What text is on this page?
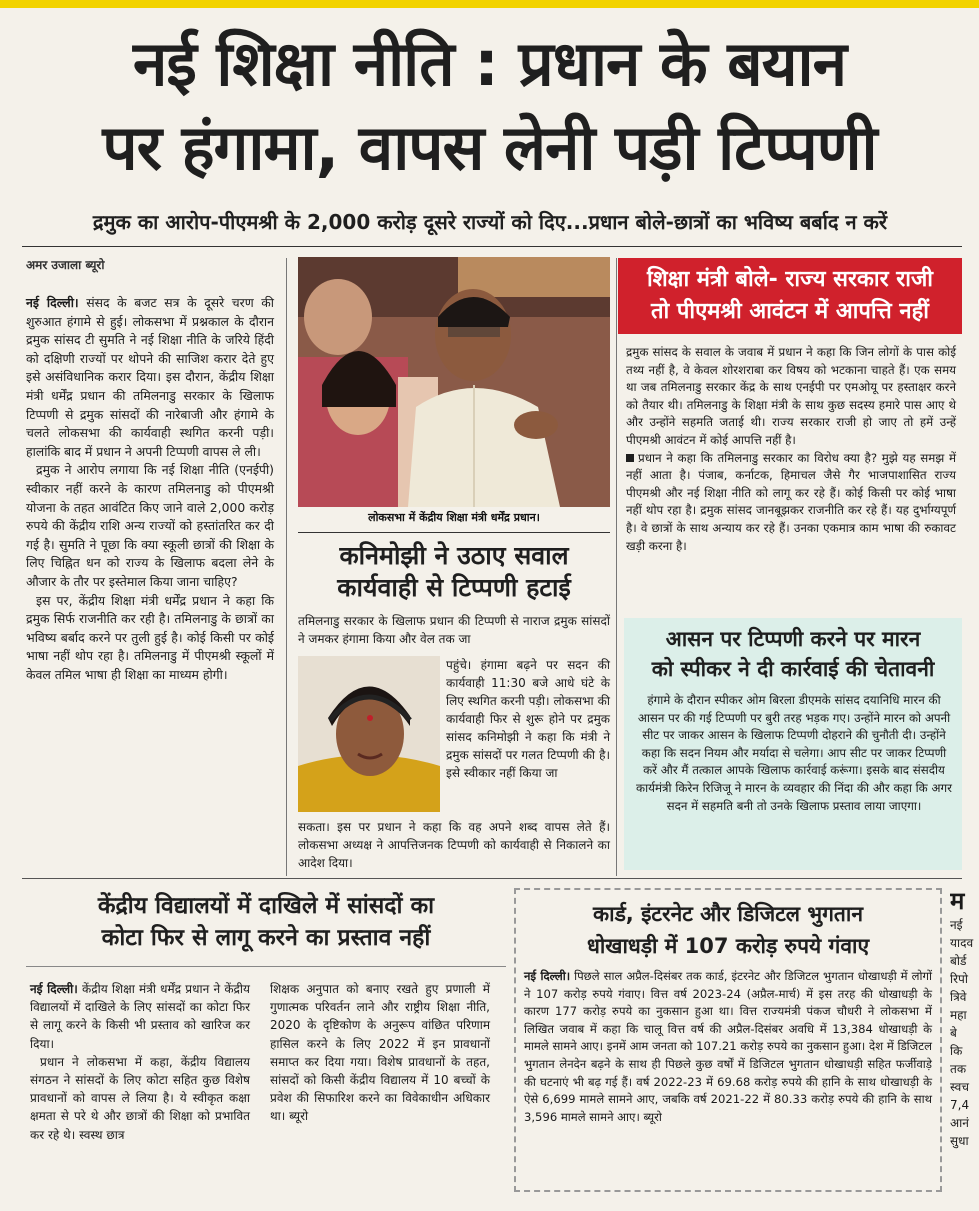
नई शिक्षा नीति : प्रधान के बयान
पर हंगामा, वापस लेनी पड़ी टिप्पणी
द्रमुक का आरोप-पीएमश्री के 2,000 करोड़ दूसरे राज्यों को दिए...प्रधान बोले-छात्रों का भविष्य बर्बाद न करें
अमर उजाला ब्यूरो

नई दिल्ली। संसद के बजट सत्र के दूसरे चरण की शुरुआत हंगामे से हुई। लोकसभा में प्रश्नकाल के दौरान द्रमुक सांसद टी सुमति ने नई शिक्षा नीति के जरिये हिंदी को दक्षिणी राज्यों पर थोपने की साजिश करार देते हुए इसे असंविधानिक करार दिया। इस दौरान, केंद्रीय शिक्षा मंत्री धर्मेंद्र प्रधान की तमिलनाडु सरकार के खिलाफ टिप्पणी से द्रमुक सांसदों की नारेबाजी और हंगामे के चलते लोकसभा की कार्यवाही स्थगित करनी पड़ी। हालांकि बाद में प्रधान ने अपनी टिप्पणी वापस ले ली।

द्रमुक ने आरोप लगाया कि नई शिक्षा नीति (एनईपी) स्वीकार नहीं करने के कारण तमिलनाडु को पीएमश्री योजना के तहत आवंटित किए जाने वाले 2,000 करोड़ रुपये की केंद्रीय राशि अन्य राज्यों को हस्तांतरित कर दी गई है। सुमति ने पूछा कि क्या स्कूली छात्रों की शिक्षा के लिए चिह्नित धन को राज्य के खिलाफ बदला लेने के औजार के तौर पर इस्तेमाल किया जाना चाहिए?

इस पर, केंद्रीय शिक्षा मंत्री धर्मेंद्र प्रधान ने कहा कि द्रमुक सिर्फ राजनीति कर रही है। तमिलनाडु के छात्रों का भविष्य बर्बाद करने पर तुली हुई है। कोई किसी पर कोई भाषा नहीं थोप रहा है। तमिलनाडु में पीएमश्री स्कूलों में केवल तमिल भाषा ही शिक्षा का माध्यम होगी।

लोकसभा में केंद्रीय शिक्षा मंत्री धर्मेंद्र प्रधान।
कनिमोझी ने उठाए सवाल
कार्यवाही से टिप्पणी हटाई
तमिलनाडु सरकार के खिलाफ प्रधान की टिप्पणी से नाराज द्रमुक सांसदों ने जमकर हंगामा किया और वेल तक जा
पहुंचे। हंगामा बढ़ने पर सदन की कार्यवाही 11:30 बजे आधे घंटे के लिए स्थगित करनी पड़ी। लोकसभा की कार्यवाही फिर से शुरू होने पर द्रमुक सांसद कनिमोझी ने कहा कि मंत्री ने द्रमुक सांसदों पर गलत टिप्पणी की है। इसे स्वीकार नहीं किया जा
सकता। इस पर प्रधान ने कहा कि वह अपने शब्द वापस लेते हैं। लोकसभा अध्यक्ष ने आपत्तिजनक टिप्पणी को कार्यवाही से निकालने का आदेश दिया।
शिक्षा मंत्री बोले- राज्य सरकार राजी
तो पीएमश्री आवंटन में आपत्ति नहीं

द्रमुक सांसद के सवाल के जवाब में प्रधान ने कहा कि जिन लोगों के पास कोई तथ्य नहीं है, वे केवल शोरशराबा कर विषय को भटकाना चाहते हैं। एक समय था जब तमिलनाडु सरकार केंद्र के साथ एनईपी पर एमओयू पर हस्ताक्षर करने को तैयार थी। तमिलनाडु के शिक्षा मंत्री के साथ कुछ सदस्य हमारे पास आए थे और उन्होंने सहमति जताई थी। राज्य सरकार राजी हो जाए तो हमें उन्हें पीएमश्री आवंटन में कोई आपत्ति नहीं है।

प्रधान ने कहा कि तमिलनाडु सरकार का विरोध क्या है? मुझे यह समझ में नहीं आता है। पंजाब, कर्नाटक, हिमाचल जैसे गैर भाजपाशासित राज्य पीएमश्री और नई शिक्षा नीति को लागू कर रहे हैं। कोई किसी पर कोई भाषा नहीं थोप रहा है। द्रमुक सांसद जानबूझकर राजनीति कर रहे हैं। यह दुर्भाग्यपूर्ण है। वे छात्रों के साथ अन्याय कर रहे हैं। उनका एकमात्र काम भाषा की रुकावट खड़ी करना है।

आसन पर टिप्पणी करने पर मारन
को स्पीकर ने दी कार्रवाई की चेतावनी
हंगामे के दौरान स्पीकर ओम बिरला डीएमके सांसद दयानिधि मारन की आसन पर की गई टिप्पणी पर बुरी तरह भड़क गए। उन्होंने मारन को अपनी सीट पर जाकर आसन के खिलाफ टिप्पणी दोहराने की चुनौती दी। उन्होंने कहा कि सदन नियम और मर्यादा से चलेगा। आप सीट पर जाकर टिप्पणी करें और मैं तत्काल आपके खिलाफ कार्रवाई करूंगा। इसके बाद संसदीय कार्यमंत्री किरेन रिजिजू ने मारन के व्यवहार की निंदा की और कहा कि अगर सदन में सहमति बनी तो उनके खिलाफ प्रस्ताव लाया जाएगा।
केंद्रीय विद्यालयों में दाखिले में सांसदों का
कोटा फिर से लागू करने का प्रस्ताव नहीं

नई दिल्ली। केंद्रीय शिक्षा मंत्री धर्मेंद्र प्रधान ने केंद्रीय विद्यालयों में दाखिले के लिए सांसदों का कोटा फिर से लागू करने के किसी भी प्रस्ताव को खारिज कर दिया।

प्रधान ने लोकसभा में कहा, केंद्रीय विद्यालय संगठन ने सांसदों के लिए कोटा सहित कुछ विशेष प्रावधानों को वापस ले लिया है। ये स्वीकृत कक्षा क्षमता से परे थे और छात्रों की शिक्षा को प्रभावित कर रहे थे। स्वस्थ छात्र

शिक्षक अनुपात को बनाए रखते हुए प्रणाली में गुणात्मक परिवर्तन लाने और राष्ट्रीय शिक्षा नीति, 2020 के दृष्टिकोण के अनुरूप वांछित परिणाम हासिल करने के लिए 2022 में इन प्रावधानों समाप्त कर दिया गया। विशेष प्रावधानों के तहत, सांसदों को किसी केंद्रीय विद्यालय में 10 बच्चों के प्रवेश की सिफारिश करने का विवेकाधीन अधिकार था। ब्यूरो
कार्ड, इंटरनेट और डिजिटल भुगतान
धोखाधड़ी में 107 करोड़ रुपये गंवाए

नई दिल्ली। पिछले साल अप्रैल-दिसंबर तक कार्ड, इंटरनेट और डिजिटल भुगतान धोखाधड़ी में लोगों ने 107 करोड़ रुपये गंवाए। वित्त वर्ष 2023-24 (अप्रैल-मार्च) में इस तरह की धोखाधड़ी के कारण 177 करोड़ रुपये का नुकसान हुआ था। वित्त राज्यमंत्री पंकज चौधरी ने लोकसभा में लिखित जवाब में कहा कि चालू वित्त वर्ष की अप्रैल-दिसंबर अवधि में 13,384 धोखाधड़ी के मामले सामने आए। इनमें आम जनता को 107.21 करोड़ रुपये का नुकसान हुआ। देश में डिजिटल भुगतान लेनदेन बढ़ने के साथ ही पिछले कुछ वर्षों में डिजिटल भुगतान धोखाधड़ी सहित फर्जीवाड़े की घटनाएं भी बढ़ गई हैं। वर्ष 2022-23 में 69.68 करोड़ रुपये की हानि के साथ धोखाधड़ी के ऐसे 6,699 मामले सामने आए, जबकि वर्ष 2021-22 में 80.33 करोड़ रुपये की हानि के साथ 3,596 मामले सामने आए। ब्यूरो

म
नई
यादव
बोर्ड
रिपो
त्रिवे
महा
बे
कि
तक
स्वच
7,4
आनं
सुधा
